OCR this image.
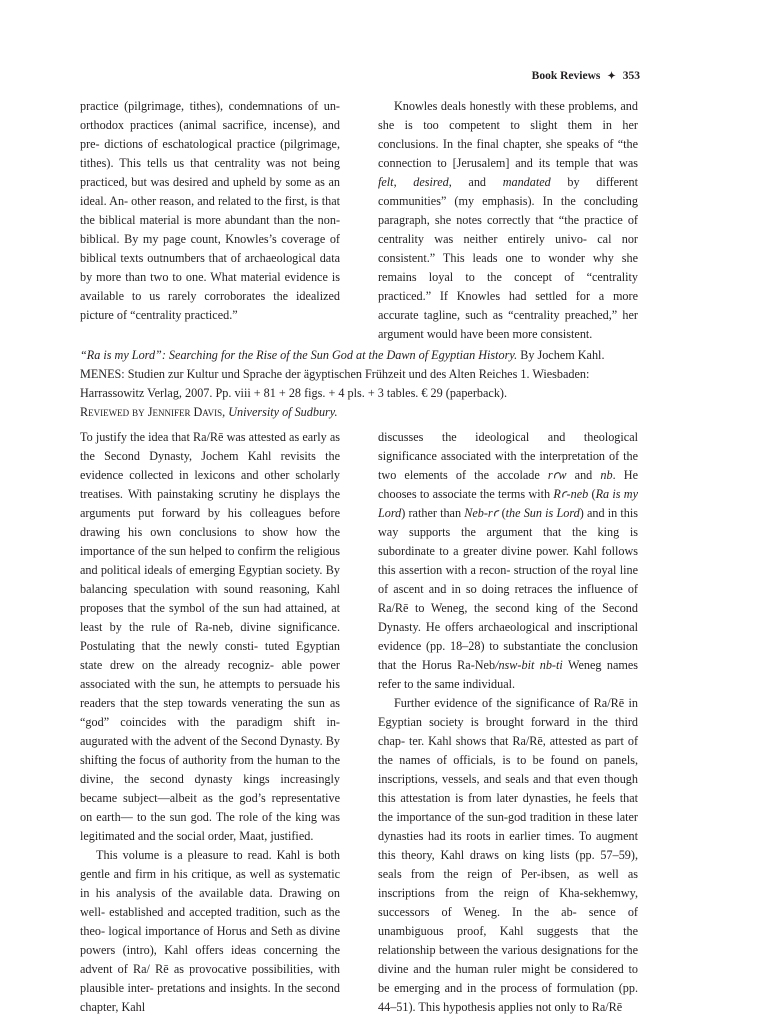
Book Reviews ✦ 353

practice (pilgrimage, tithes), condemnations of un- orthodox practices (animal sacrifice, incense), and pre- dictions of eschatological practice (pilgrimage, tithes). This tells us that centrality was not being practiced, but was desired and upheld by some as an ideal. An- other reason, and related to the first, is that the biblical material is more abundant than the non-biblical. By my page count, Knowles’s coverage of biblical texts outnumbers that of archaeological data by more than two to one. What material evidence is available to us rarely corroborates the idealized picture of “centrality practiced.”

Knowles deals honestly with these problems, and she is too competent to slight them in her conclusions. In the final chapter, she speaks of “the connection to [Jerusalem] and its temple that was felt, desired, and mandated by different communities” (my emphasis). In the concluding paragraph, she notes correctly that “the practice of centrality was neither entirely univo- cal nor consistent.” This leads one to wonder why she remains loyal to the concept of “centrality practiced.” If Knowles had settled for a more accurate tagline, such as “centrality preached,” her argument would have been more consistent.

“Ra is my Lord”: Searching for the Rise of the Sun God at the Dawn of Egyptian History. By Jochem Kahl. MENES: Studien zur Kultur und Sprache der ägyptischen Frühzeit und des Alten Reiches 1. Wiesbaden: Harrassowitz Verlag, 2007. Pp. viii + 81 + 28 figs. + 4 pls. + 3 tables. € 29 (paperback).
Reviewed by Jennifer Davis, University of Sudbury.

To justify the idea that Ra/Rē was attested as early as the Second Dynasty, Jochem Kahl revisits the evidence collected in lexicons and other scholarly treatises. With painstaking scrutiny he displays the arguments put forward by his colleagues before drawing his own conclusions to show how the importance of the sun helped to confirm the religious and political ideals of emerging Egyptian society. By balancing speculation with sound reasoning, Kahl proposes that the symbol of the sun had attained, at least by the rule of Ra-neb, divine significance. Postulating that the newly consti- tuted Egyptian state drew on the already recogniz- able power associated with the sun, he attempts to persuade his readers that the step towards venerating the sun as “god” coincides with the paradigm shift in- augurated with the advent of the Second Dynasty. By shifting the focus of authority from the human to the divine, the second dynasty kings increasingly became subject—albeit as the god’s representative on earth— to the sun god. The role of the king was legitimated and the social order, Maat, justified.

This volume is a pleasure to read. Kahl is both gentle and firm in his critique, as well as systematic in his analysis of the available data. Drawing on well- established and accepted tradition, such as the theo- logical importance of Horus and Seth as divine powers (intro), Kahl offers ideas concerning the advent of Ra/ Rē as provocative possibilities, with plausible inter- pretations and insights. In the second chapter, Kahl

discusses the ideological and theological significance associated with the interpretation of the two elements of the accolade rꜥw and nb. He chooses to associate the terms with Rꜥ-neb (Ra is my Lord) rather than Neb-rꜥ (the Sun is Lord) and in this way supports the argument that the king is subordinate to a greater divine power. Kahl follows this assertion with a recon- struction of the royal line of ascent and in so doing retraces the influence of Ra/Rē to Weneg, the second king of the Second Dynasty. He offers archaeological and inscriptional evidence (pp. 18–28) to substantiate the conclusion that the Horus Ra-Neb/nsw-bit nb-ti Weneg names refer to the same individual.

Further evidence of the significance of Ra/Rē in Egyptian society is brought forward in the third chap- ter. Kahl shows that Ra/Rē, attested as part of the names of officials, is to be found on panels, inscriptions, vessels, and seals and that even though this attestation is from later dynasties, he feels that the importance of the sun-god tradition in these later dynasties had its roots in earlier times. To augment this theory, Kahl draws on king lists (pp. 57–59), seals from the reign of Per-ibsen, as well as inscriptions from the reign of Kha-sekhemwy, successors of Weneg. In the ab- sence of unambiguous proof, Kahl suggests that the relationship between the various designations for the divine and the human ruler might be considered to be emerging and in the process of formulation (pp. 44–51). This hypothesis applies not only to Ra/Rē
